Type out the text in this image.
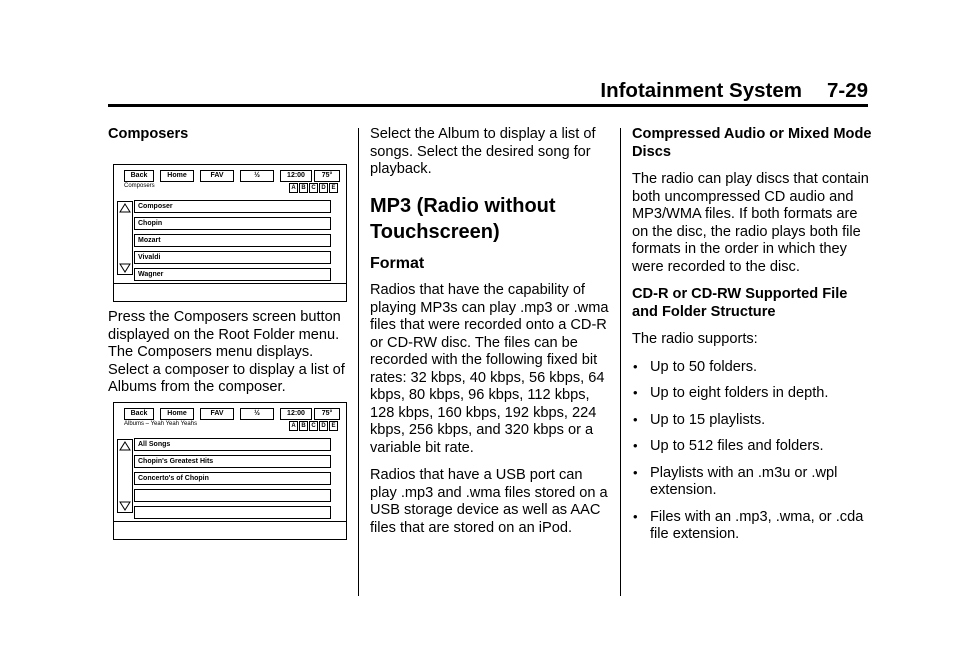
Infotainment System 7-29

Composers

Back	Home	FAV	½	12:00	75°
Composers	A B C D E
Composer
Chopin
Mozart
Vivaldi
Wagner

Press the Composers screen button displayed on the Root Folder menu. The Composers menu displays. Select a composer to display a list of Albums from the composer.

Back	Home	FAV	½	12:00	75°
Albums – Yeah Yeah Yeahs	A B C D E
All Songs
Chopin's Greatest Hits
Concerto's of Chopin

Select the Album to display a list of songs. Select the desired song for playback.

MP3 (Radio without Touchscreen)
Format

Radios that have the capability of playing MP3s can play .mp3 or .wma files that were recorded onto a CD-R or CD-RW disc. The files can be recorded with the following fixed bit rates: 32 kbps, 40 kbps, 56 kbps, 64 kbps, 80 kbps, 96 kbps, 112 kbps, 128 kbps, 160 kbps, 192 kbps, 224 kbps, 256 kbps, and 320 kbps or a variable bit rate.

Radios that have a USB port can play .mp3 and .wma files stored on a USB storage device as well as AAC files that are stored on an iPod.

Compressed Audio or Mixed Mode Discs

The radio can play discs that contain both uncompressed CD audio and MP3/WMA files. If both formats are on the disc, the radio plays both file formats in the order in which they were recorded to the disc.

CD-R or CD-RW Supported File and Folder Structure

The radio supports:

• Up to 50 folders.
• Up to eight folders in depth.
• Up to 15 playlists.
• Up to 512 files and folders.
• Playlists with an .m3u or .wpl extension.
• Files with an .mp3, .wma, or .cda file extension.
